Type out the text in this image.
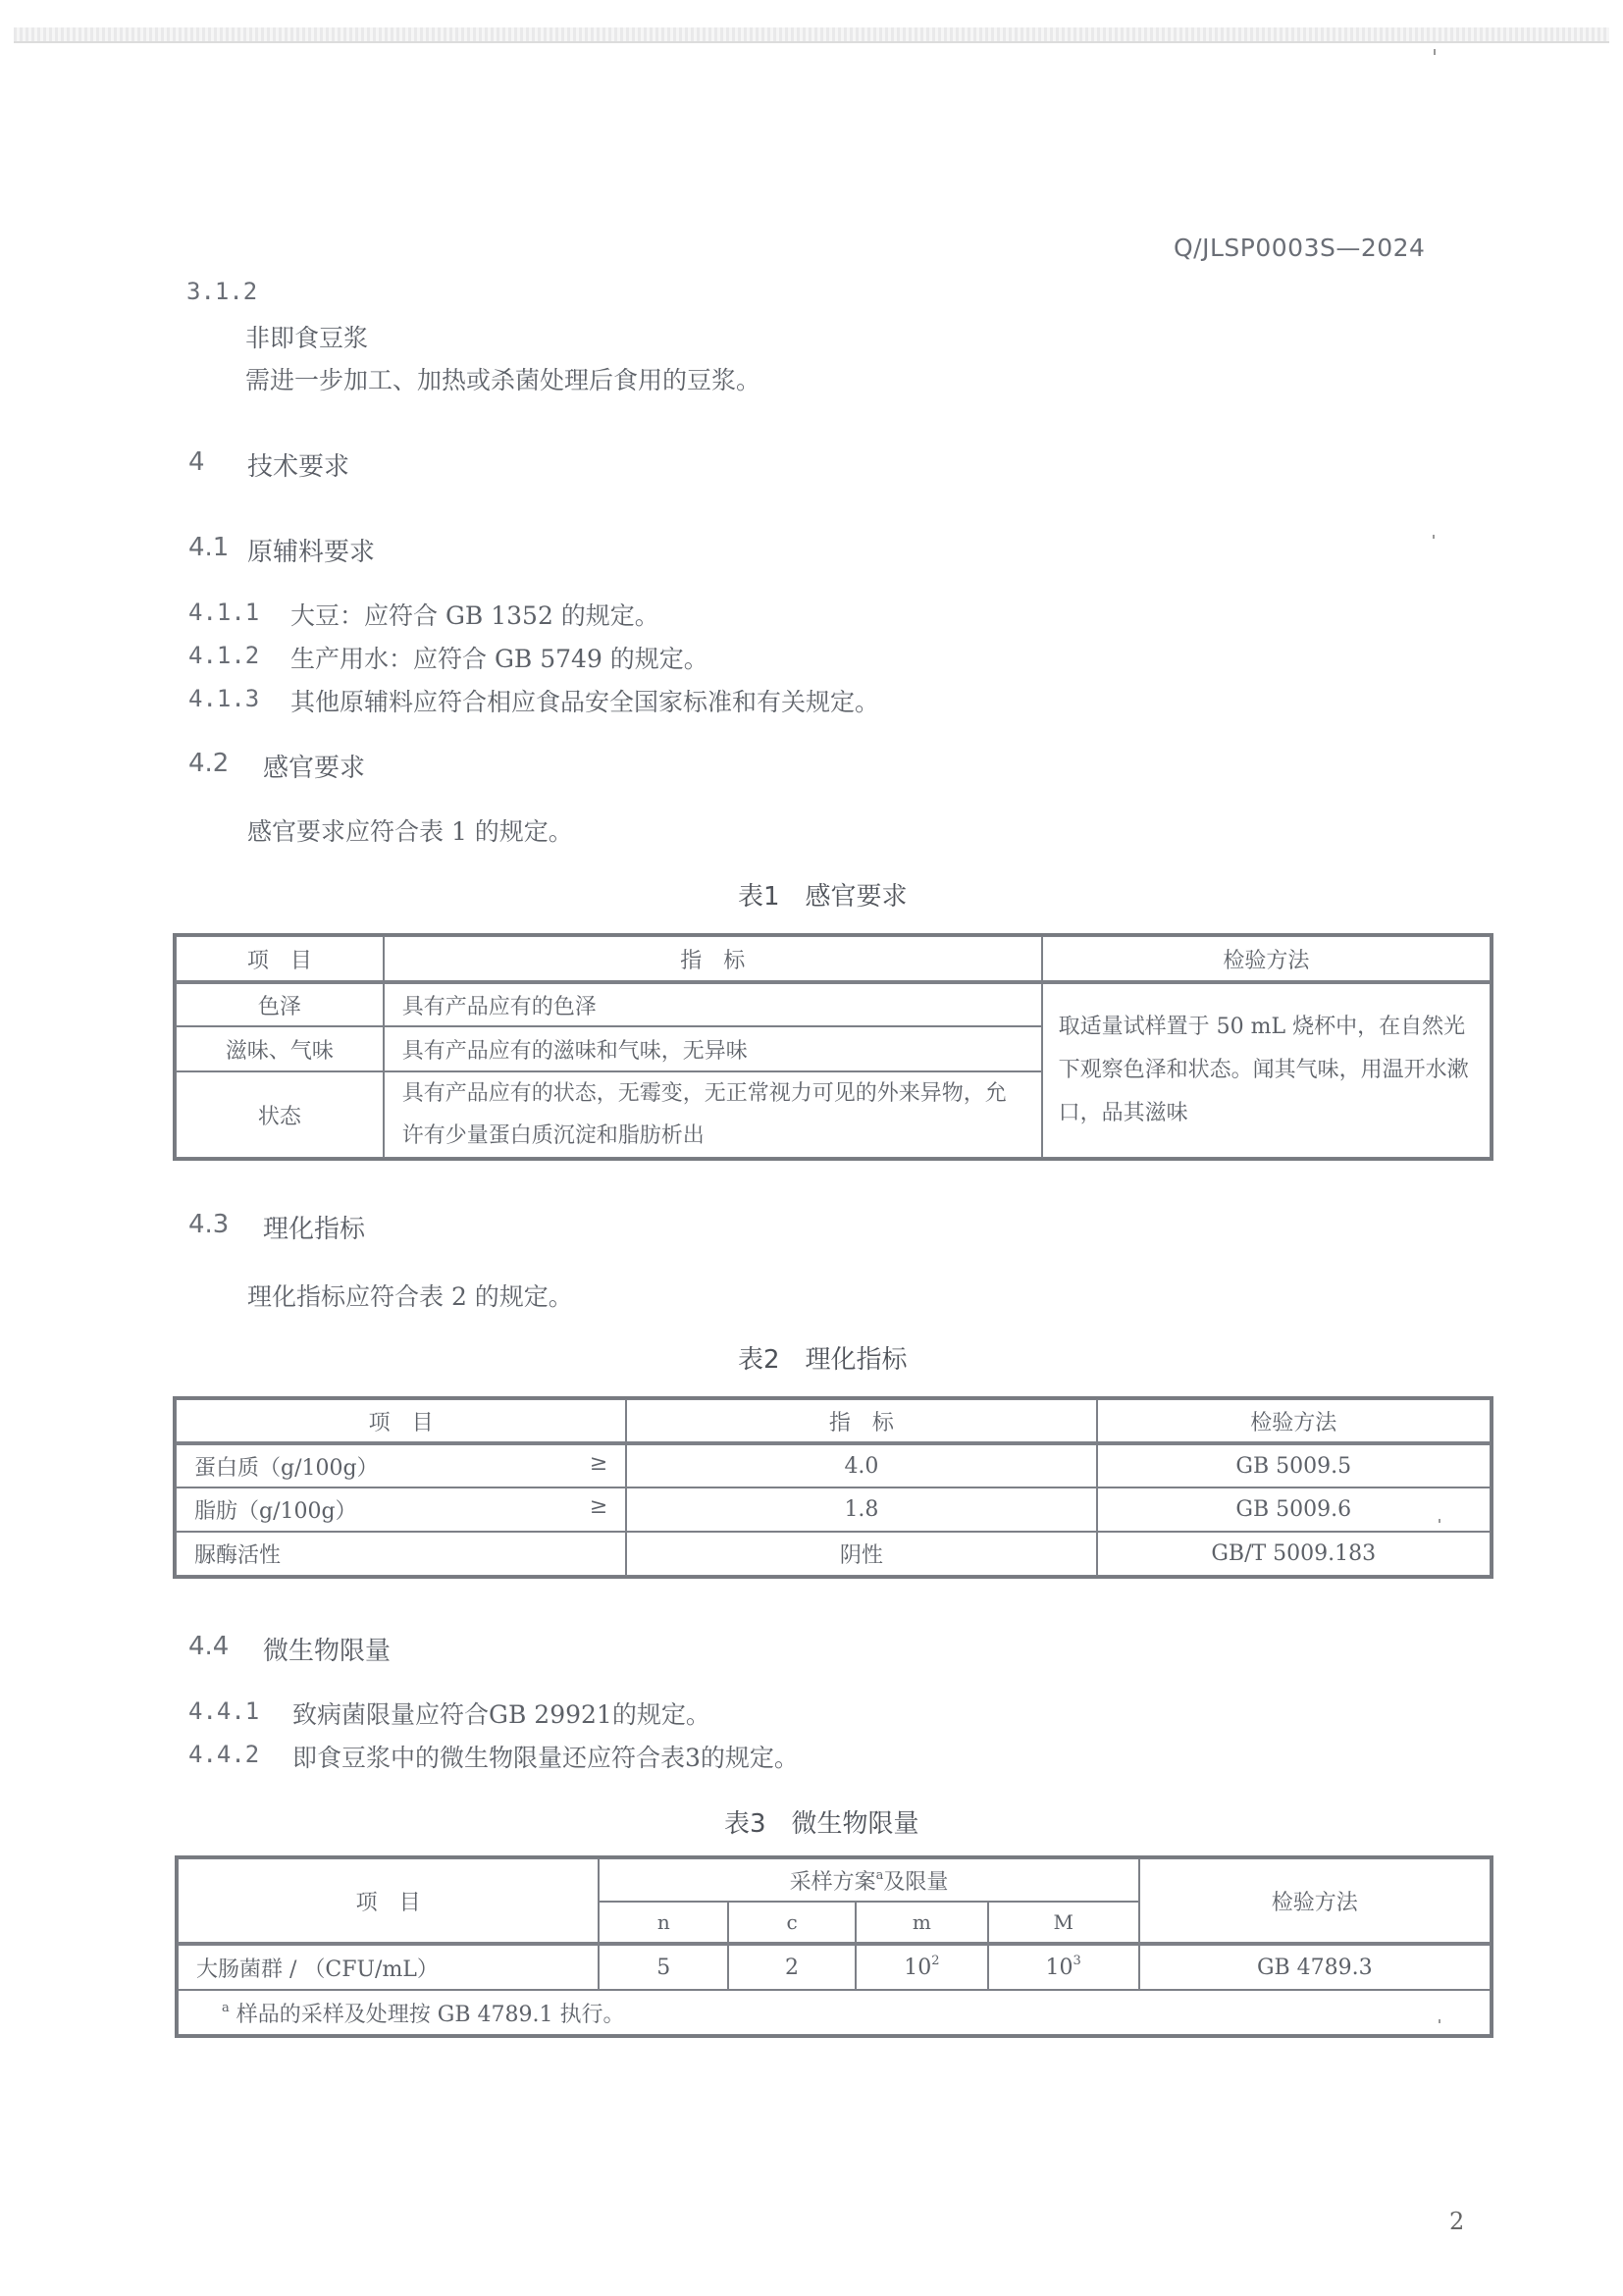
Q/JLSP0003S—2024
3.1.2
非即食豆浆
需进一步加工、加热或杀菌处理后食用的豆浆。
4 技术要求
4.1 原辅料要求
4.1.1 大豆：应符合 GB 1352 的规定。
4.1.2 生产用水：应符合 GB 5749 的规定。
4.1.3 其他原辅料应符合相应食品安全国家标准和有关规定。
4.2 感官要求
感官要求应符合表 1 的规定。
表1　感官要求
项　目	指　标	检验方法
色泽	具有产品应有的色泽	取适量试样置于 50 mL 烧杯中，在自然光下观察色泽和状态。闻其气味，用温开水漱口，品其滋味
滋味、气味	具有产品应有的滋味和气味，无异味	
状态	具有产品应有的状态，无霉变，无正常视力可见的外来异物，允许有少量蛋白质沉淀和脂肪析出	
4.3 理化指标
理化指标应符合表 2 的规定。
表2　理化指标
项　目	指　标	检验方法
蛋白质（g/100g） ≥	4.0	GB 5009.5
脂肪（g/100g） ≥	1.8	GB 5009.6
脲酶活性	阴性	GB/T 5009.183
4.4 微生物限量
4.4.1 致病菌限量应符合GB 29921的规定。
4.4.2 即食豆浆中的微生物限量还应符合表3的规定。
表3　微生物限量
项　目	采样方案$^a$及限量				检验方法
	n	c	m	M	
大肠菌群 / （CFU/mL）	5	2	$10^2$	$10^3$	GB 4789.3
$^a$ 样品的采样及处理按 GB 4789.1 执行。					
2
